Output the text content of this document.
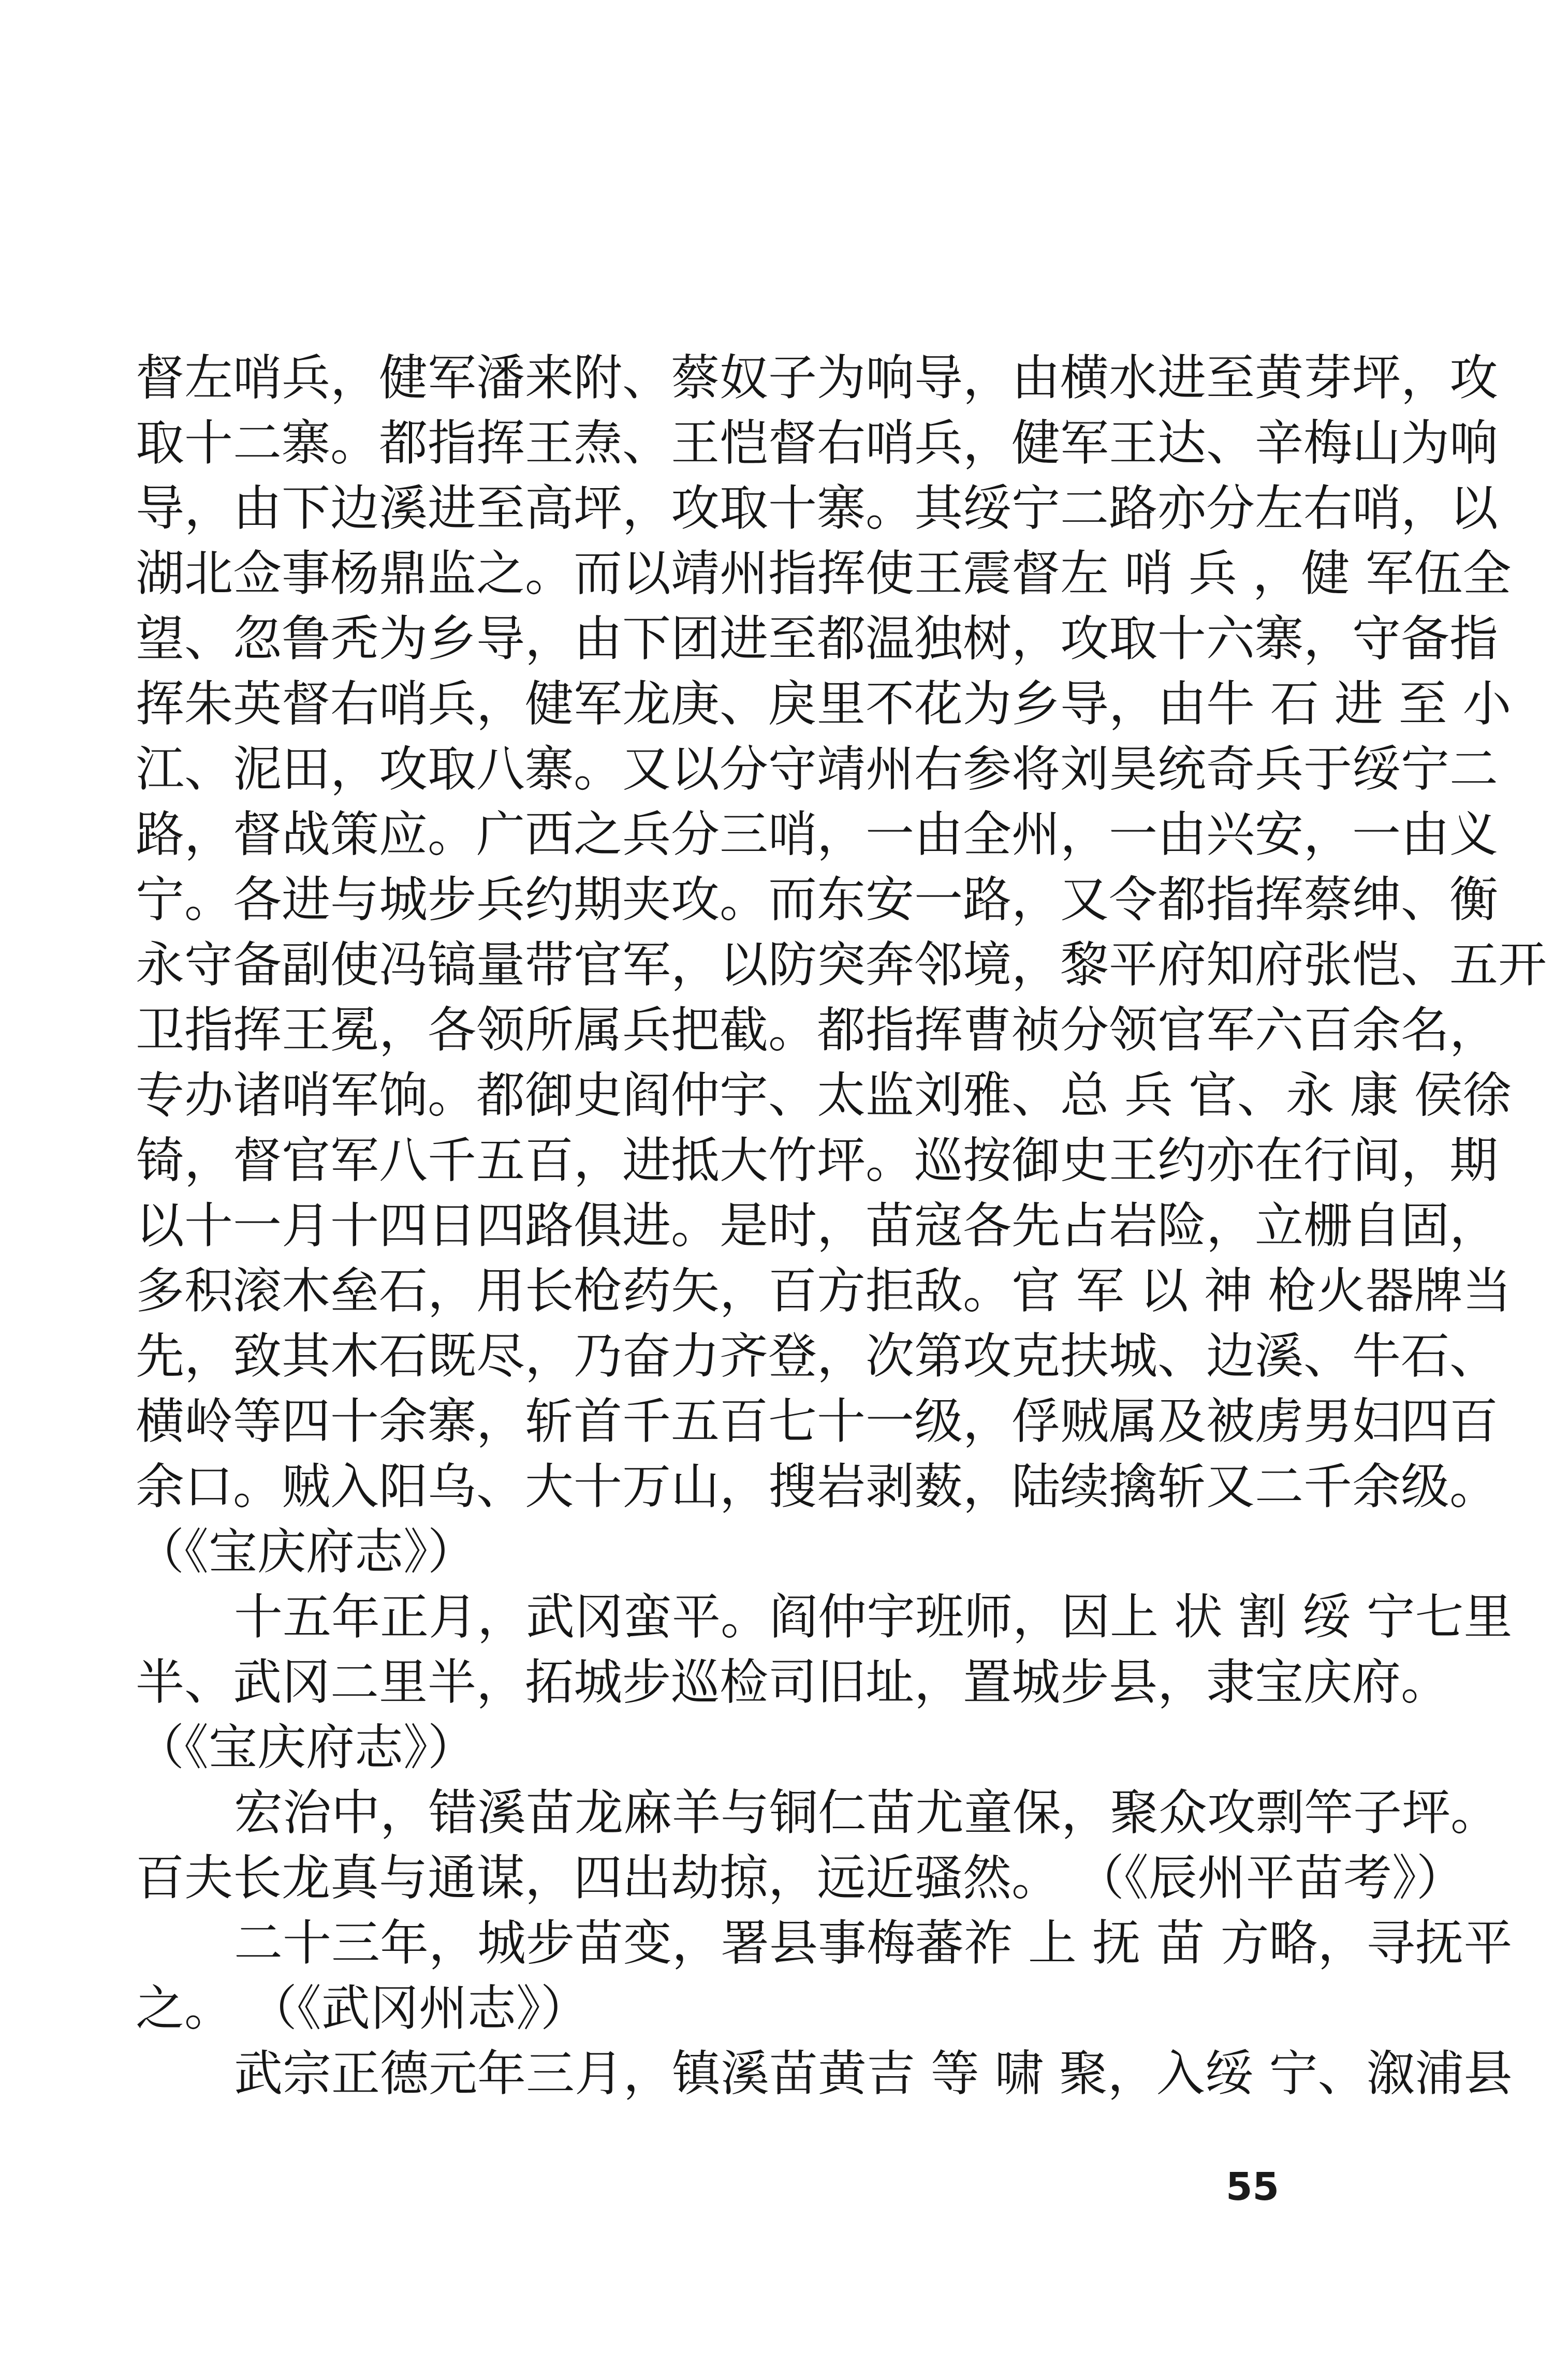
督左哨兵，健军潘来附、蔡奴子为响导，由横水进至黄芽坪，攻
取十二寨。都指挥王焘、王恺督右哨兵，健军王达、辛梅山为响
导，由下边溪进至高坪，攻取十寨。其绥宁二路亦分左右哨，以
湖北佥事杨鼎监之。而以靖州指挥使王震督左 哨 兵 ，健 军伍全
望、忽鲁秃为乡导，由下团进至都温独树，攻取十六寨，守备指
挥朱英督右哨兵，健军龙庚、戾里不花为乡导，由牛 石 进 至 小
江、泥田，攻取八寨。又以分守靖州右参将刘昊统奇兵于绥宁二
路，督战策应。广西之兵分三哨，一由全州，一由兴安，一由义
宁。各进与城步兵约期夹攻。而东安一路，又令都指挥蔡绅、衡
永守备副使冯镐量带官军，以防突奔邻境，黎平府知府张恺、五开
卫指挥王冕，各领所属兵把截。都指挥曹祯分领官军六百余名，
专办诸哨军饷。都御史阎仲宇、太监刘雅、总 兵 官、永 康 侯徐
锜，督官军八千五百，进抵大竹坪。巡按御史王约亦在行间，期
以十一月十四日四路俱进。是时，苗寇各先占岩险，立栅自固，
多积滚木垒石，用长枪药矢，百方拒敌。官 军 以 神 枪火器牌当
先，致其木石既尽，乃奋力齐登，次第攻克扶城、边溪、牛石、
横岭等四十余寨，斩首千五百七十一级，俘贼属及被虏男妇四百
余口。贼入阳乌、大十万山，搜岩剥薮，陆续擒斩又二千余级。
（《宝庆府志》）
十五年正月，武冈蛮平。阎仲宇班师，因上 状 割 绥 宁七里
半、武冈二里半，拓城步巡检司旧址，置城步县，隶宝庆府。
（《宝庆府志》）
宏治中，错溪苗龙麻羊与铜仁苗尤童保，聚众攻剽竿子坪。
百夫长龙真与通谋，四出劫掠，远近骚然。 （《辰州平苗考》）
二十三年，城步苗变，署县事梅蕃祚 上 抚 苗 方略，寻抚平
之。 （《武冈州志》）
武宗正德元年三月，镇溪苗黄吉 等 啸 聚，入绥 宁、溆浦县
55
